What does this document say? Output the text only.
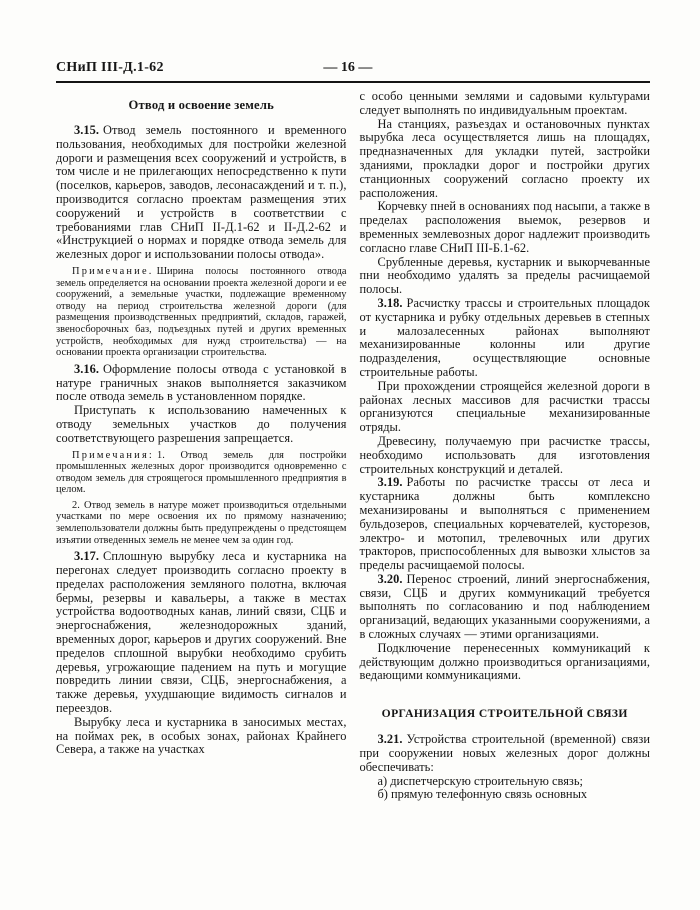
СНиП III-Д.1-62	— 16 —
Отвод и освоение земель

3.15. Отвод земель постоянного и временного пользования, необходимых для постройки железной дороги и размещения всех сооружений и устройств, в том числе и не прилегающих непосредственно к пути (поселков, карьеров, заводов, лесонасаждений и т. п.), производится согласно проектам размещения этих сооружений и устройств в соответствии с требованиями глав СНиП II-Д.1-62 и II-Д.2-62 и «Инструкцией о нормах и порядке отвода земель для железных дорог и использовании полосы отвода».

Примечание. Ширина полосы постоянного отвода земель определяется на основании проекта железной дороги и ее сооружений, а земельные участки, подлежащие временному отводу на период строительства железной дороги (для размещения производственных предприятий, складов, гаражей, звеносборочных баз, подъездных путей и других временных устройств, необходимых для нужд строительства) — на основании проекта организации строительства.

3.16. Оформление полосы отвода с установкой в натуре граничных знаков выполняется заказчиком после отвода земель в установленном порядке.

Приступать к использованию намеченных к отводу земельных участков до получения соответствующего разрешения запрещается.

Примечания: 1. Отвод земель для постройки промышленных железных дорог производится одновременно с отводом земель для строящегося промышленного предприятия в целом.

2. Отвод земель в натуре может производиться отдельными участками по мере освоения их по прямому назначению; землепользователи должны быть предупреждены о предстоящем изъятии отведенных земель не менее чем за один год.

3.17. Сплошную вырубку леса и кустарника на перегонах следует производить согласно проекту в пределах расположения земляного полотна, включая бермы, резервы и кавальеры, а также в местах устройства водоотводных канав, линий связи, СЦБ и энергоснабжения, железнодорожных зданий, временных дорог, карьеров и других сооружений. Вне пределов сплошной вырубки необходимо срубить деревья, угрожающие падением на путь и могущие повредить линии связи, СЦБ, энергоснабжения, а также деревья, ухудшающие видимость сигналов и переездов.

Вырубку леса и кустарника в заносимых местах, на поймах рек, в особых зонах, районах Крайнего Севера, а также на участках

с особо ценными землями и садовыми культурами следует выполнять по индивидуальным проектам.

На станциях, разъездах и остановочных пунктах вырубка леса осуществляется лишь на площадях, предназначенных для укладки путей, застройки зданиями, прокладки дорог и постройки других станционных сооружений согласно проекту их расположения.

Корчевку пней в основаниях под насыпи, а также в пределах расположения выемок, резервов и временных землевозных дорог надлежит производить согласно главе СНиП III-Б.1-62.

Срубленные деревья, кустарник и выкорчеванные пни необходимо удалять за пределы расчищаемой полосы.

3.18. Расчистку трассы и строительных площадок от кустарника и рубку отдельных деревьев в степных и малозалесенных районах выполняют механизированные колонны или другие подразделения, осуществляющие основные строительные работы.

При прохождении строящейся железной дороги в районах лесных массивов для расчистки трассы организуются специальные механизированные отряды.

Древесину, получаемую при расчистке трассы, необходимо использовать для изготовления строительных конструкций и деталей.

3.19. Работы по расчистке трассы от леса и кустарника должны быть комплексно механизированы и выполняться с применением бульдозеров, специальных корчевателей, кусторезов, электро- и мотопил, трелевочных или других тракторов, приспособленных для вывозки хлыстов за пределы расчищаемой полосы.

3.20. Перенос строений, линий энергоснабжения, связи, СЦБ и других коммуникаций требуется выполнять по согласованию и под наблюдением организаций, ведающих указанными сооружениями, а в сложных случаях — этими организациями.

Подключение перенесенных коммуникаций к действующим должно производиться организациями, ведающими коммуникациями.

ОРГАНИЗАЦИЯ СТРОИТЕЛЬНОЙ СВЯЗИ

3.21. Устройства строительной (временной) связи при сооружении новых железных дорог должны обеспечивать:

а) диспетчерскую строительную связь;

б) прямую телефонную связь основных
